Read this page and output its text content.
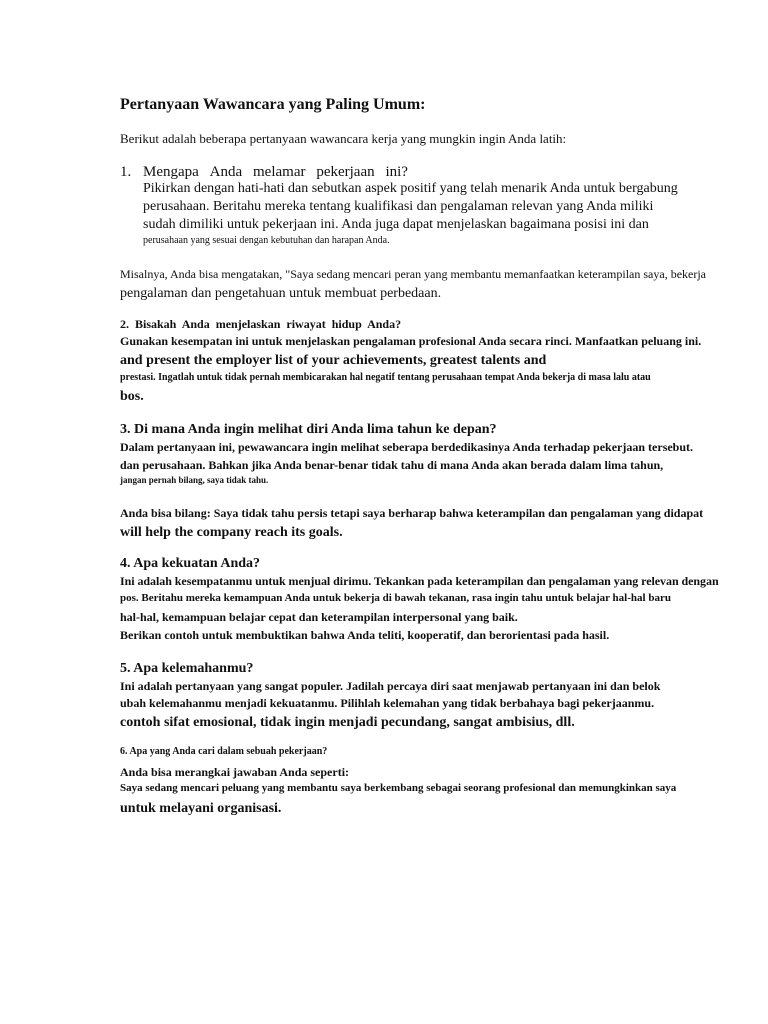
Pertanyaan Wawancara yang Paling Umum:
Berikut adalah beberapa pertanyaan wawancara kerja yang mungkin ingin Anda latih:
1. Mengapa Anda melamar pekerjaan ini?
Pikirkan dengan hati-hati dan sebutkan aspek positif yang telah menarik Anda untuk bergabung
perusahaan. Beritahu mereka tentang kualifikasi dan pengalaman relevan yang Anda miliki
sudah dimiliki untuk pekerjaan ini. Anda juga dapat menjelaskan bagaimana posisi ini dan
perusahaan yang sesuai dengan kebutuhan dan harapan Anda.
Misalnya, Anda bisa mengatakan, "Saya sedang mencari peran yang membantu memanfaatkan keterampilan saya, bekerja
pengalaman dan pengetahuan untuk membuat perbedaan.
2. Bisakah Anda menjelaskan riwayat hidup Anda?
Gunakan kesempatan ini untuk menjelaskan pengalaman profesional Anda secara rinci. Manfaatkan peluang ini.
and present the employer list of your achievements, greatest talents and
prestasi. Ingatlah untuk tidak pernah membicarakan hal negatif tentang perusahaan tempat Anda bekerja di masa lalu atau
bos.
3. Di mana Anda ingin melihat diri Anda lima tahun ke depan?
Dalam pertanyaan ini, pewawancara ingin melihat seberapa berdedikasinya Anda terhadap pekerjaan tersebut.
dan perusahaan. Bahkan jika Anda benar-benar tidak tahu di mana Anda akan berada dalam lima tahun,
jangan pernah bilang, saya tidak tahu.
Anda bisa bilang: Saya tidak tahu persis tetapi saya berharap bahwa keterampilan dan pengalaman yang didapat
will help the company reach its goals.
4. Apa kekuatan Anda?
Ini adalah kesempatanmu untuk menjual dirimu. Tekankan pada keterampilan dan pengalaman yang relevan dengan
pos. Beritahu mereka kemampuan Anda untuk bekerja di bawah tekanan, rasa ingin tahu untuk belajar hal-hal baru
hal-hal, kemampuan belajar cepat dan keterampilan interpersonal yang baik.
Berikan contoh untuk membuktikan bahwa Anda teliti, kooperatif, dan berorientasi pada hasil.
5. Apa kelemahanmu?
Ini adalah pertanyaan yang sangat populer. Jadilah percaya diri saat menjawab pertanyaan ini dan belok
ubah kelemahanmu menjadi kekuatanmu. Pilihlah kelemahan yang tidak berbahaya bagi pekerjaanmu.
contoh sifat emosional, tidak ingin menjadi pecundang, sangat ambisius, dll.
6. Apa yang Anda cari dalam sebuah pekerjaan?
Anda bisa merangkai jawaban Anda seperti:
Saya sedang mencari peluang yang membantu saya berkembang sebagai seorang profesional dan memungkinkan saya
untuk melayani organisasi.
